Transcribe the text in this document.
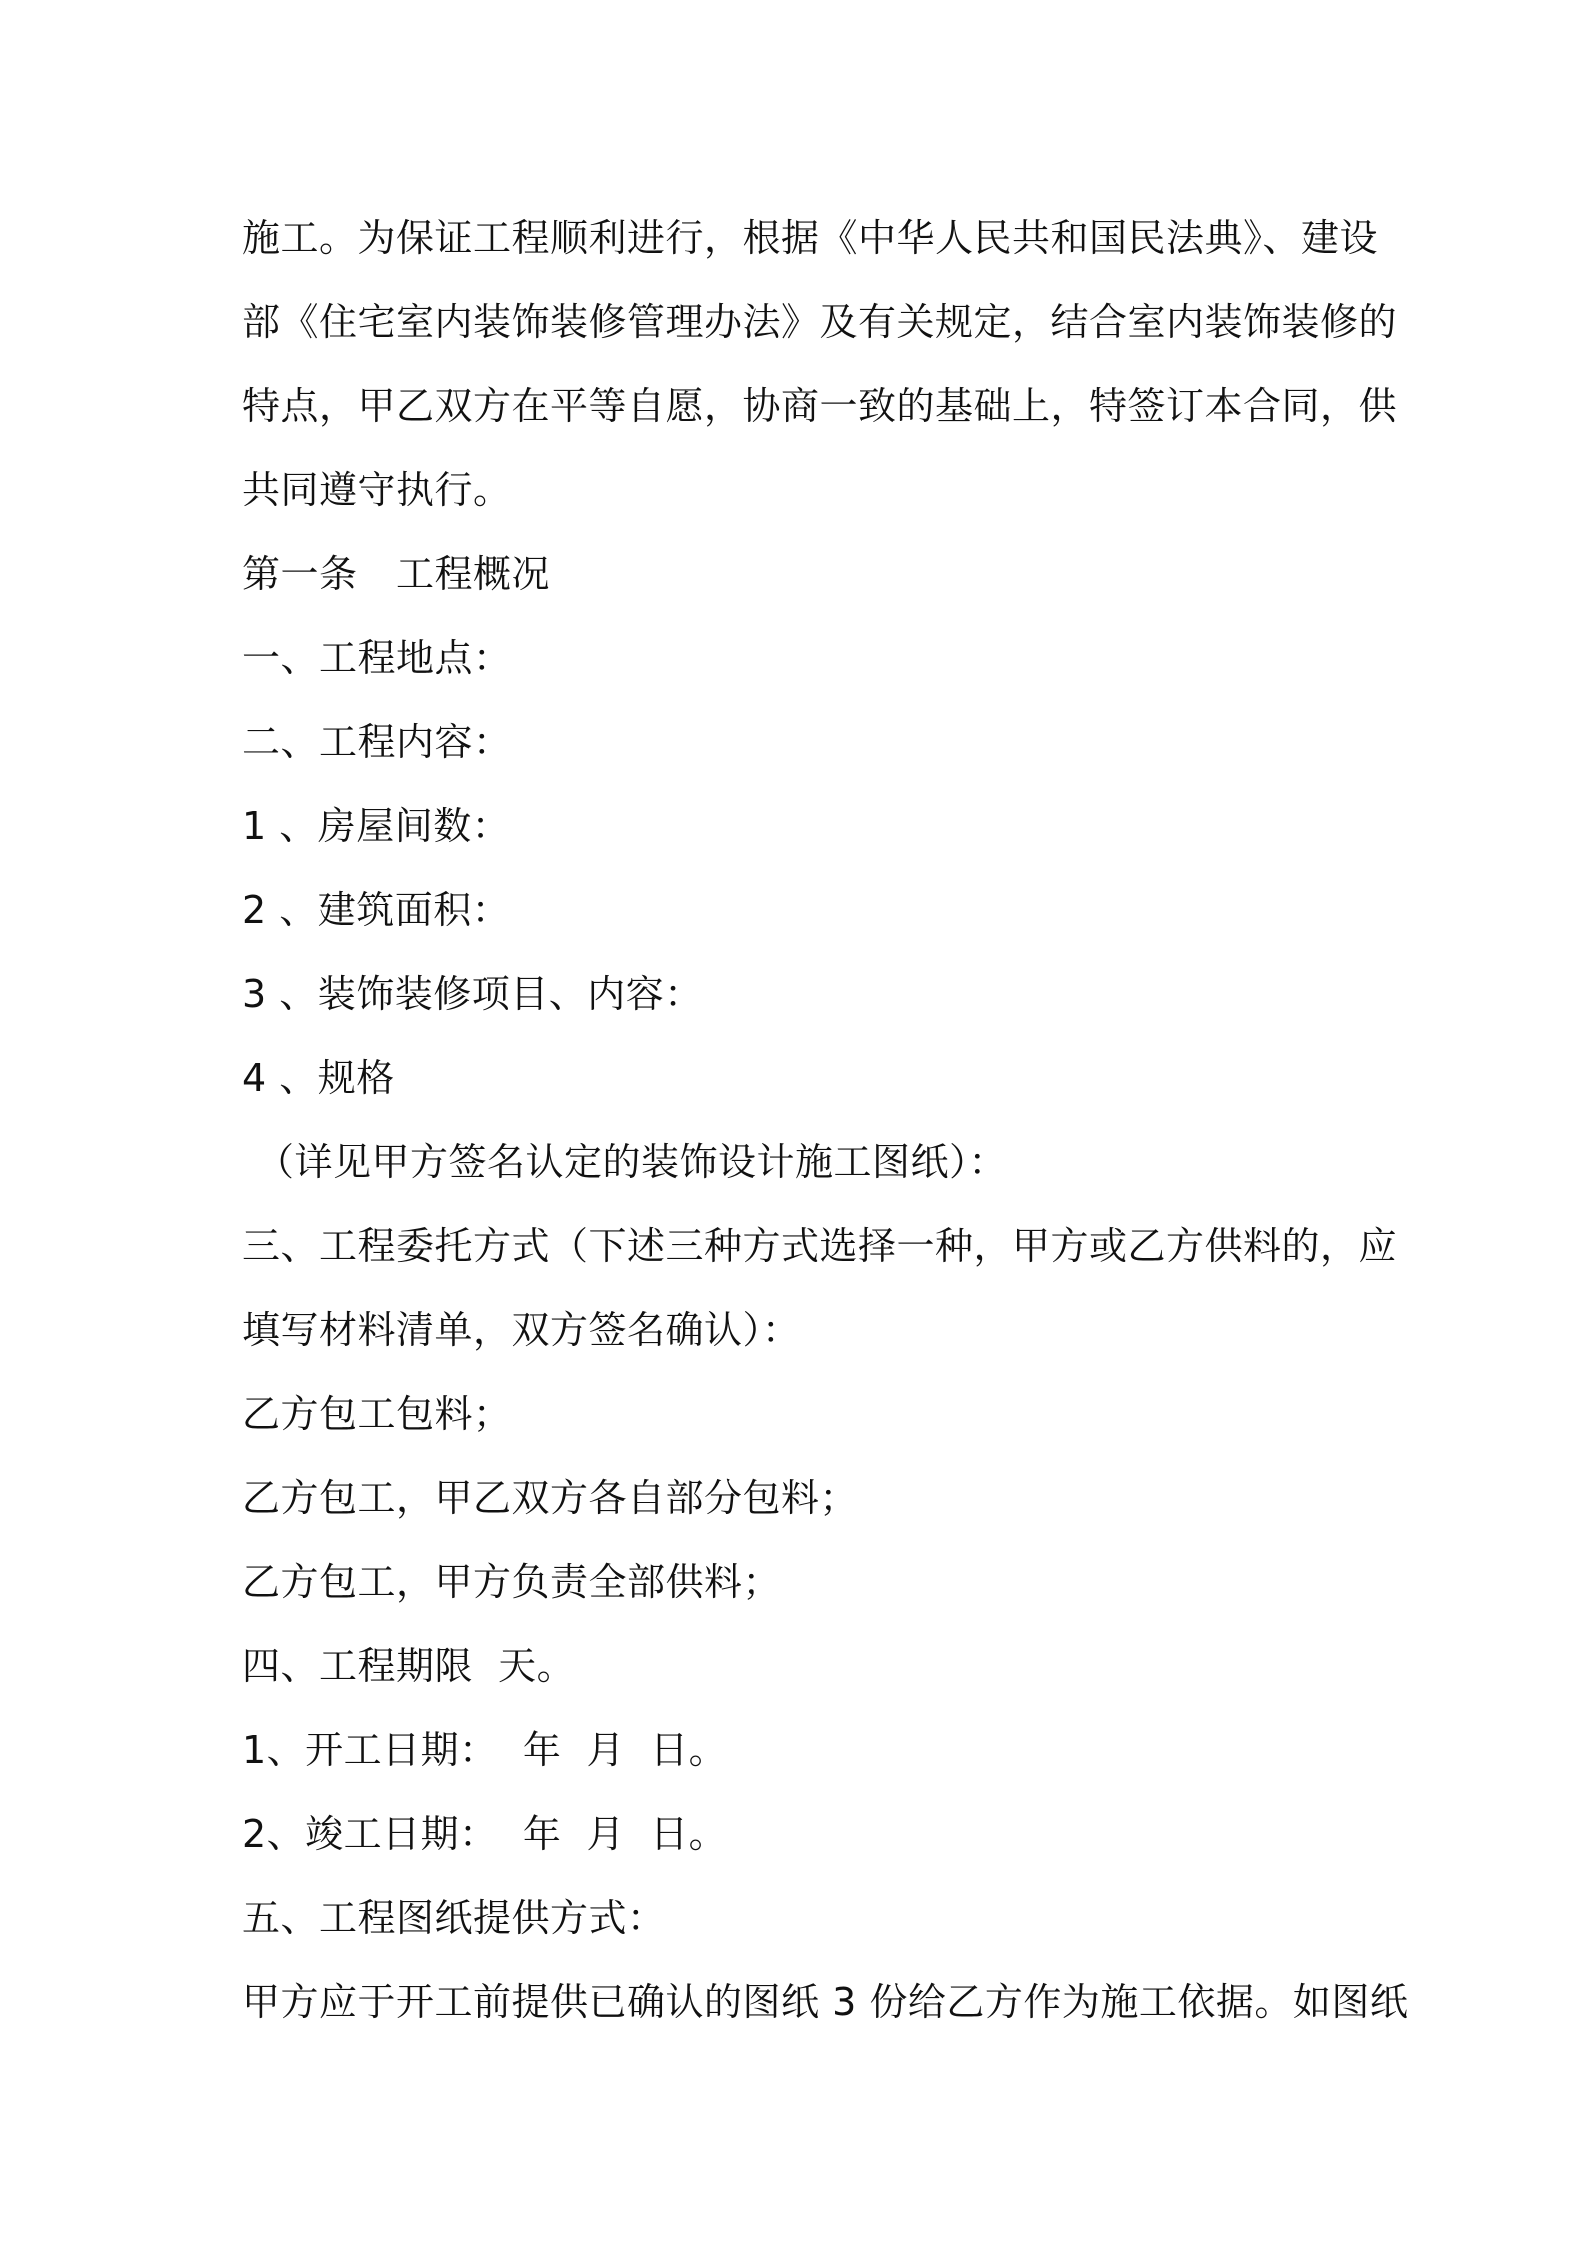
施工。为保证工程顺利进行，根据《中华人民共和国民法典》、建设
部《住宅室内装饰装修管理办法》及有关规定，结合室内装饰装修的
特点，甲乙双方在平等自愿，协商一致的基础上，特签订本合同，供
共同遵守执行。
第一条　工程概况
一、工程地点：
二、工程内容：
1 、房屋间数：
2 、建筑面积：
3 、装饰装修项目、内容：
4 、规格
（详见甲方签名认定的装饰设计施工图纸）：
三、工程委托方式（下述三种方式选择一种，甲方或乙方供料的，应
填写材料清单，双方签名确认）：
乙方包工包料；
乙方包工，甲乙双方各自部分包料；
乙方包工，甲方负责全部供料；
四、工程期限  天。
1、开工日期：  年  月  日。
2、竣工日期：  年  月  日。
五、工程图纸提供方式：
甲方应于开工前提供已确认的图纸 3 份给乙方作为施工依据。如图纸
